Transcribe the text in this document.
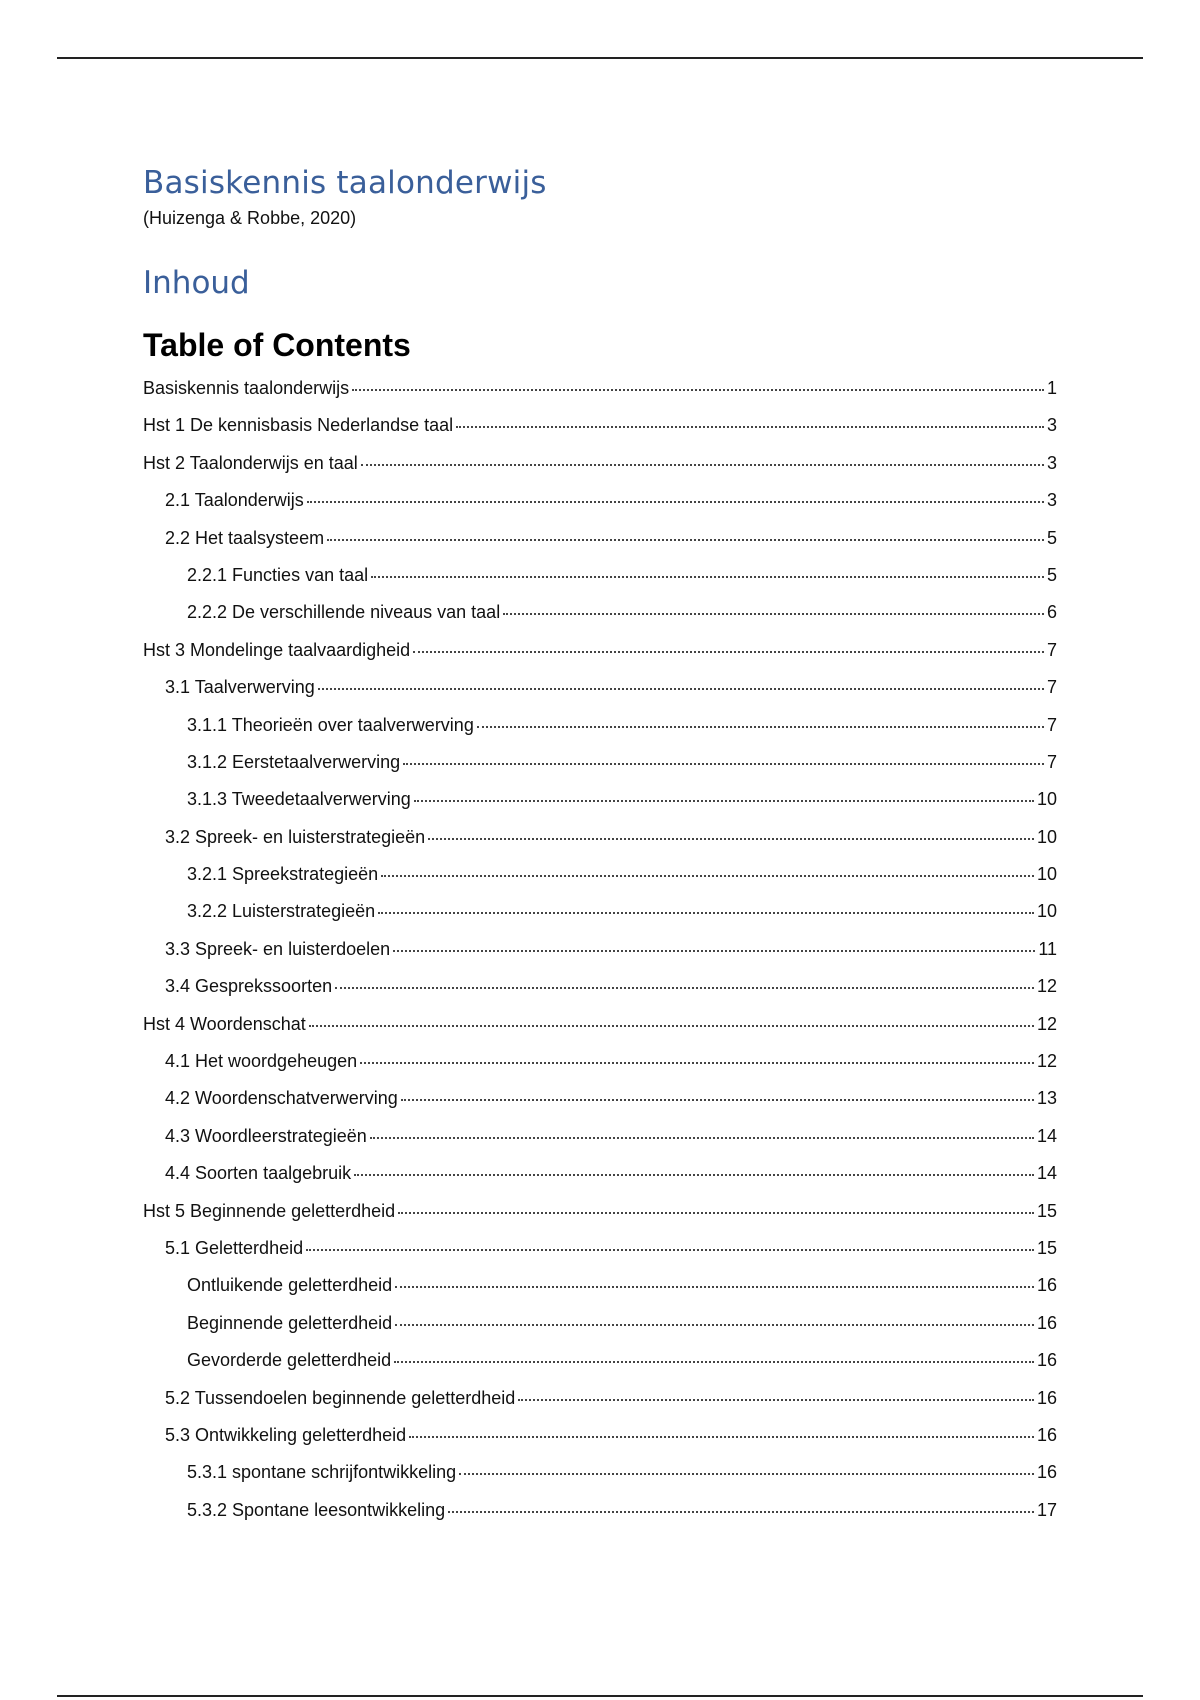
Basiskennis taalonderwijs
(Huizenga & Robbe, 2020)
Inhoud
Table of Contents
Basiskennis taalonderwijs	1
Hst 1 De kennisbasis Nederlandse taal	3
Hst 2 Taalonderwijs en taal	3
2.1 Taalonderwijs	3
2.2 Het taalsysteem	5
2.2.1 Functies van taal	5
2.2.2 De verschillende niveaus van taal	6
Hst 3 Mondelinge taalvaardigheid	7
3.1 Taalverwerving	7
3.1.1 Theorieën over taalverwerving	7
3.1.2 Eerstetaalverwerving	7
3.1.3 Tweedetaalverwerving	10
3.2 Spreek- en luisterstrategieën	10
3.2.1 Spreekstrategieën	10
3.2.2 Luisterstrategieën	10
3.3 Spreek- en luisterdoelen	11
3.4 Gesprekssoorten	12
Hst 4 Woordenschat	12
4.1 Het woordgeheugen	12
4.2 Woordenschatverwerving	13
4.3 Woordleerstrategieën	14
4.4 Soorten taalgebruik	14
Hst 5 Beginnende geletterdheid	15
5.1 Geletterdheid	15
Ontluikende geletterdheid	16
Beginnende geletterdheid	16
Gevorderde geletterdheid	16
5.2 Tussendoelen beginnende geletterdheid	16
5.3 Ontwikkeling geletterdheid	16
5.3.1 spontane schrijfontwikkeling	16
5.3.2 Spontane leesontwikkeling	17
